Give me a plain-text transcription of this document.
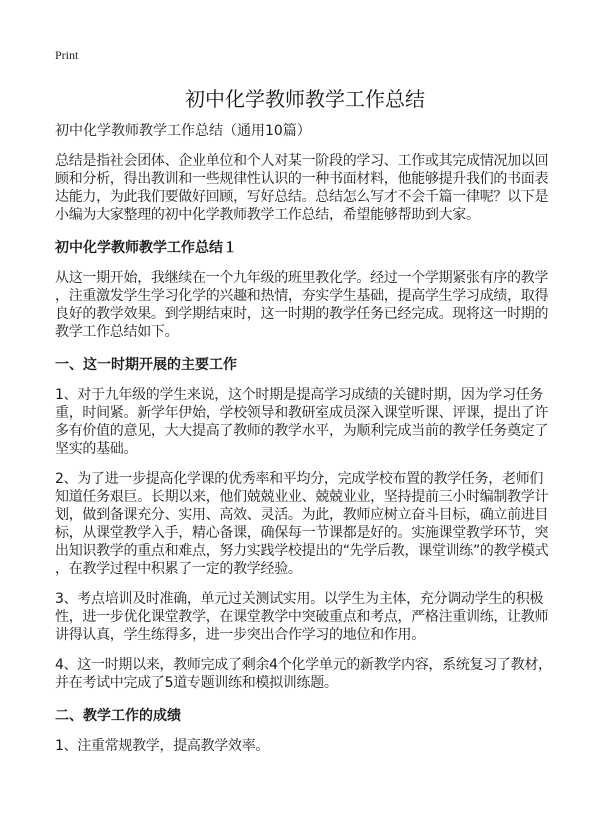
Print
初中化学教师教学工作总结
初中化学教师教学工作总结（通用10篇）
总结是指社会团体、企业单位和个人对某一阶段的学习、工作或其完成情况加以回
顾和分析，得出教训和一些规律性认识的一种书面材料，他能够提升我们的书面表
达能力，为此我们要做好回顾，写好总结。总结怎么写才不会千篇一律呢？以下是
小编为大家整理的初中化学教师教学工作总结，希望能够帮助到大家。
初中化学教师教学工作总结１
从这一期开始，我继续在一个九年级的班里教化学。经过一个学期紧张有序的教学
，注重激发学生学习化学的兴趣和热情，夯实学生基础，提高学生学习成绩，取得
良好的教学效果。到学期结束时，这一时期的教学任务已经完成。现将这一时期的
教学工作总结如下。
一、这一时期开展的主要工作
1、对于九年级的学生来说，这个时期是提高学习成绩的关键时期，因为学习任务
重，时间紧。新学年伊始，学校领导和教研室成员深入课堂听课、评课，提出了许
多有价值的意见，大大提高了教师的教学水平，为顺利完成当前的教学任务奠定了
坚实的基础。
2、为了进一步提高化学课的优秀率和平均分，完成学校布置的教学任务，老师们
知道任务艰巨。长期以来，他们兢兢业业、兢兢业业，坚持提前三小时编制教学计
划，做到备课充分、实用、高效、灵活。为此，教师应树立奋斗目标，确立前进目
标，从课堂教学入手，精心备课，确保每一节课都是好的。实施课堂教学环节，突
出知识教学的重点和难点，努力实践学校提出的“先学后教，课堂训练”的教学模式
，在教学过程中积累了一定的教学经验。
3、考点培训及时准确，单元过关测试实用。以学生为主体，充分调动学生的积极
性，进一步优化课堂教学，在课堂教学中突破重点和考点，严格注重训练，让教师
讲得认真，学生练得多，进一步突出合作学习的地位和作用。
4、这一时期以来，教师完成了剩余4个化学单元的新教学内容，系统复习了教材，
并在考试中完成了5道专题训练和模拟训练题。
二、教学工作的成绩
1、注重常规教学，提高教学效率。
